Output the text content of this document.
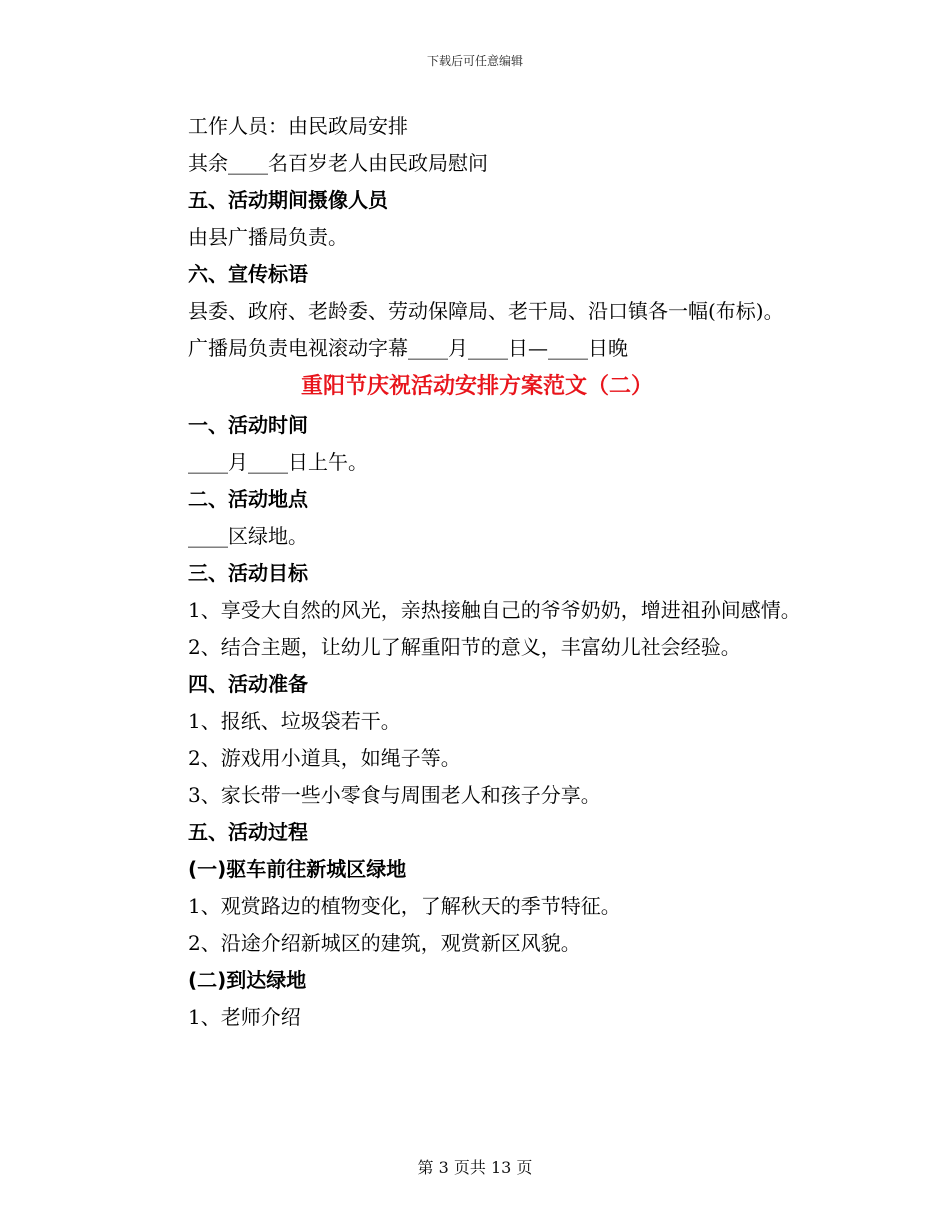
下载后可任意编辑

工作人员：由民政局安排

其余____名百岁老人由民政局慰问

五、活动期间摄像人员

由县广播局负责。

六、宣传标语

县委、政府、老龄委、劳动保障局、老干局、沿口镇各一幅(布标)。

广播局负责电视滚动字幕____月____日—____日晚

重阳节庆祝活动安排方案范文（二）

一、活动时间

____月____日上午。

二、活动地点

____区绿地。

三、活动目标

1、享受大自然的风光，亲热接触自己的爷爷奶奶，增进祖孙间感情。

2、结合主题，让幼儿了解重阳节的意义，丰富幼儿社会经验。

四、活动准备

1、报纸、垃圾袋若干。

2、游戏用小道具，如绳子等。

3、家长带一些小零食与周围老人和孩子分享。

五、活动过程

(一)驱车前往新城区绿地

1、观赏路边的植物变化，了解秋天的季节特征。

2、沿途介绍新城区的建筑，观赏新区风貌。

(二)到达绿地

1、老师介绍

第 3 页共 13 页
